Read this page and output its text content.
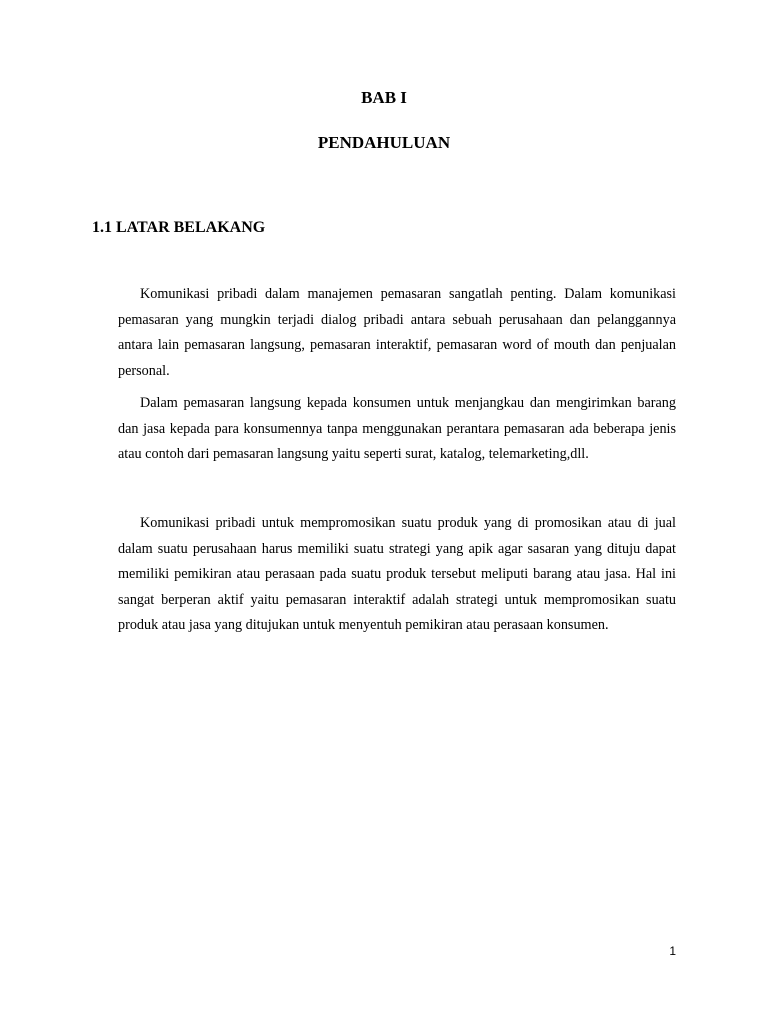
BAB I
PENDAHULUAN
1.1 LATAR BELAKANG

Komunikasi pribadi dalam manajemen pemasaran sangatlah penting. Dalam komunikasi pemasaran yang mungkin terjadi dialog pribadi antara sebuah perusahaan dan pelanggannya antara lain pemasaran langsung, pemasaran interaktif, pemasaran word of mouth dan penjualan personal.

Dalam pemasaran langsung kepada konsumen untuk menjangkau dan mengirimkan barang dan jasa kepada para konsumennya tanpa menggunakan perantara pemasaran ada beberapa jenis atau contoh dari pemasaran langsung yaitu seperti surat, katalog, telemarketing,dll.

Komunikasi pribadi untuk mempromosikan suatu produk yang di promosikan atau di jual dalam suatu perusahaan harus memiliki suatu strategi yang apik agar sasaran yang dituju dapat memiliki pemikiran atau perasaan pada suatu produk tersebut meliputi barang atau jasa. Hal ini sangat berperan aktif yaitu pemasaran interaktif adalah strategi untuk mempromosikan suatu produk atau jasa yang ditujukan untuk menyentuh pemikiran atau perasaan konsumen.

1
